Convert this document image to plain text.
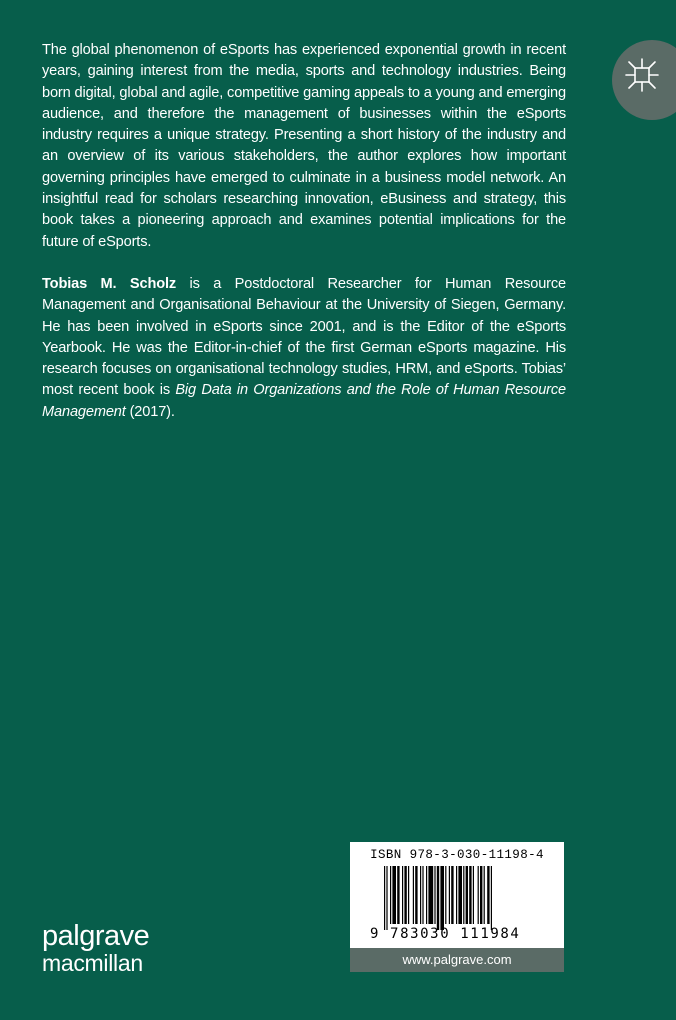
The global phenomenon of eSports has experienced exponential growth in recent years, gaining interest from the media, sports and technology industries. Being born digital, global and agile, competitive gaming appeals to a young and emerging audience, and therefore the management of businesses within the eSports industry requires a unique strategy. Presenting a short history of the industry and an overview of its various stakeholders, the author explores how important governing principles have emerged to culminate in a business model network. An insightful read for scholars researching innovation, eBusiness and strategy, this book takes a pioneering approach and examines potential implications for the future of eSports.

Tobias M. Scholz is a Postdoctoral Researcher for Human Resource Management and Organisational Behaviour at the University of Siegen, Germany. He has been involved in eSports since 2001, and is the Editor of the eSports Yearbook. He was the Editor-in-chief of the first German eSports magazine. His research focuses on organisational technology studies, HRM, and eSports. Tobias’ most recent book is Big Data in Organizations and the Role of Human Resource Management (2017).

ISBN 978-3-030-11198-4
9 783030 111984
www.palgrave.com
palgrave
macmillan
